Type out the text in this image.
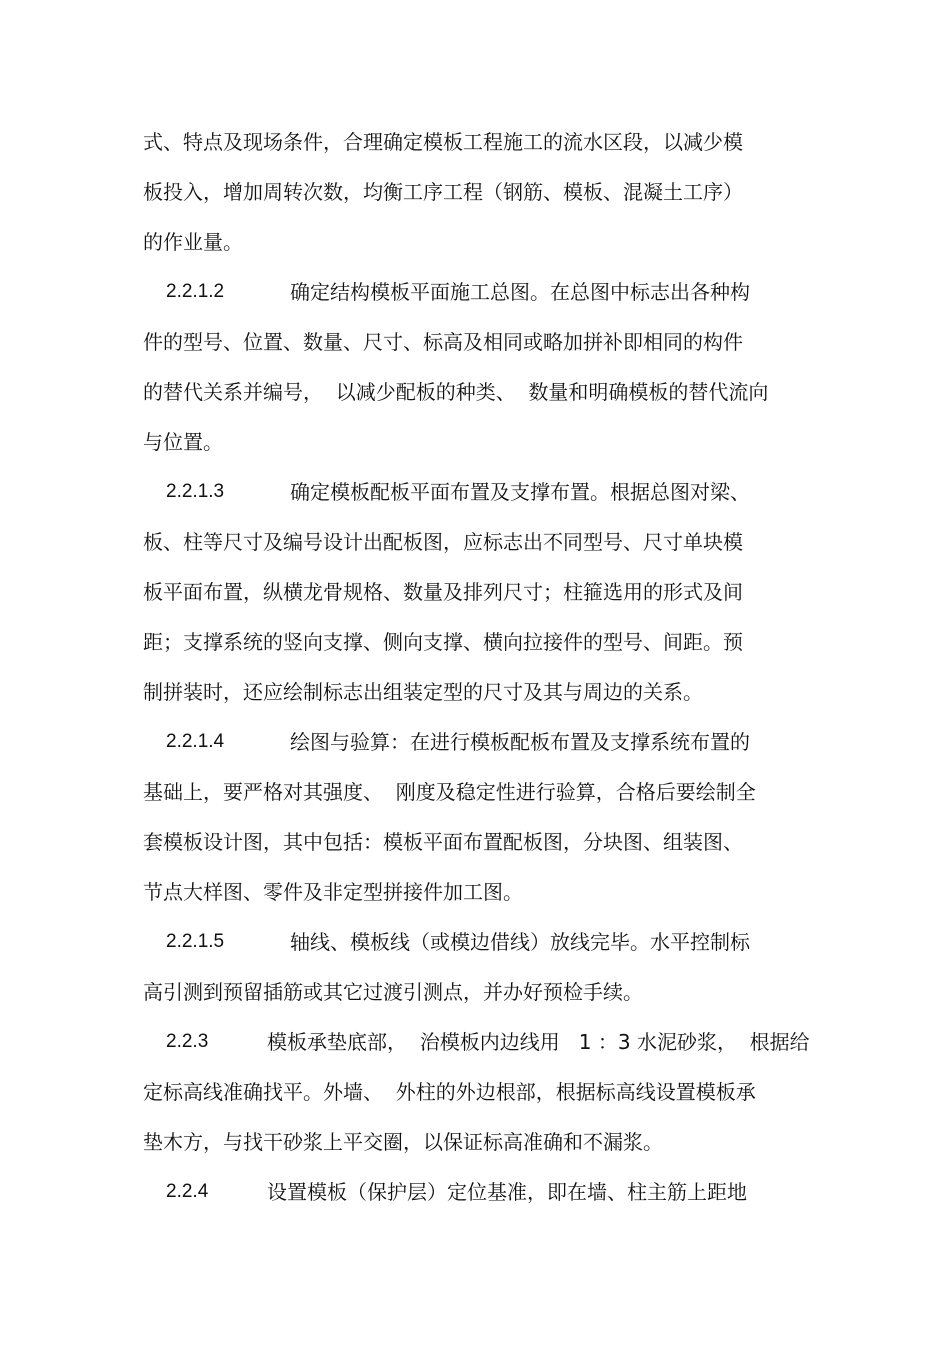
式、特点及现场条件，合理确定模板工程施工的流水区段，以减少模
板投入，增加周转次数，均衡工序工程（钢筋、模板、混凝土工序）
的作业量。
2.2.1.2	确定结构模板平面施工总图。在总图中标志出各种构
件的型号、位置、数量、尺寸、标高及相同或略加拼补即相同的构件
的替代关系并编号，  以减少配板的种类、  数量和明确模板的替代流向
与位置。
2.2.1.3	确定模板配板平面布置及支撑布置。根据总图对梁、
板、柱等尺寸及编号设计出配板图，应标志出不同型号、尺寸单块模
板平面布置，纵横龙骨规格、数量及排列尺寸；柱箍选用的形式及间
距；支撑系统的竖向支撑、侧向支撑、横向拉接件的型号、间距。预
制拼装时，还应绘制标志出组装定型的尺寸及其与周边的关系。
2.2.1.4	绘图与验算：在进行模板配板布置及支撑系统布置的
基础上，要严格对其强度、  刚度及稳定性进行验算，合格后要绘制全
套模板设计图，其中包括：模板平面布置配板图，分块图、组装图、
节点大样图、零件及非定型拼接件加工图。
2.2.1.5	轴线、模板线（或模边借线）放线完毕。水平控制标
高引测到预留插筋或其它过渡引测点，并办好预检手续。
2.2.3	模板承垫底部，  治模板内边线用   1 ：3 水泥砂浆，  根据给
定标高线准确找平。外墙、  外柱的外边根部，根据标高线设置模板承
垫木方，与找干砂浆上平交圈，以保证标高准确和不漏浆。
2.2.4	设置模板（保护层）定位基准，即在墙、柱主筋上距地
